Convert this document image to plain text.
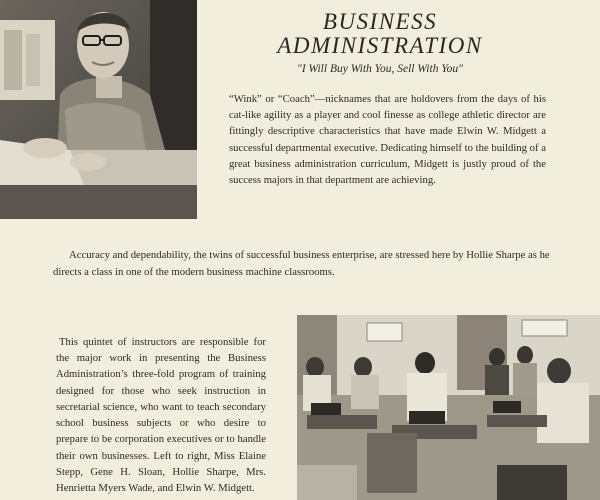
BUSINESS
ADMINISTRATION
"I Will Buy With You, Sell With You"

“Wink” or “Coach”—nicknames that are holdovers from the days of his cat-like agility as a player and cool finesse as college athletic director are fittingly descriptive characteristics that have made Elwin W. Midgett a successful departmental executive. Dedicating himself to the building of a great business administration curriculum, Midgett is justly proud of the success majors in that department are achieving.

Accuracy and dependability, the twins of successful business enterprise, are stressed here by Hollie Sharpe as he directs a class in one of the modern business machine classrooms.

This quintet of instructors are responsible for the major work in presenting the Business Administration’s three-fold program of training designed for those who seek instruction in secretarial science, who want to teach secondary school business subjects or who desire to prepare to be corporation executives or to handle their own businesses. Left to right, Miss Elaine Stepp, Gene H. Sloan, Hollie Sharpe, Mrs. Henrietta Myers Wade, and Elwin W. Midgett.
